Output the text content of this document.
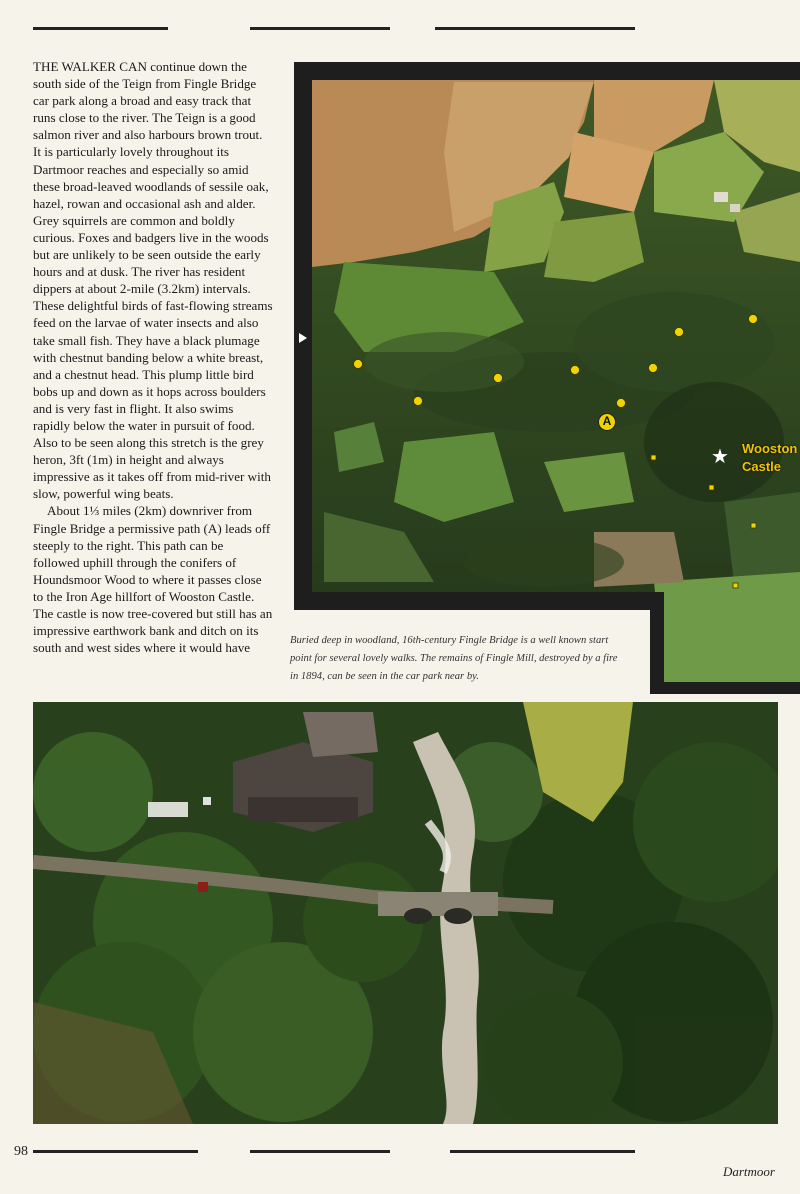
THE WALKER CAN continue down the south side of the Teign from Fingle Bridge car park along a broad and easy track that runs close to the river. The Teign is a good salmon river and also harbours brown trout. It is particularly lovely throughout its Dartmoor reaches and especially so amid these broad-leaved woodlands of sessile oak, hazel, rowan and occasional ash and alder. Grey squirrels are common and boldly curious. Foxes and badgers live in the woods but are unlikely to be seen outside the early hours and at dusk. The river has resident dippers at about 2-mile (3.2km) intervals. These delightful birds of fast-flowing streams feed on the larvae of water insects and also take small fish. They have a black plumage with chestnut banding below a white breast, and a chestnut head. This plump little bird bobs up and down as it hops across boulders and is very fast in flight. It also swims rapidly below the water in pursuit of food. Also to be seen along this stretch is the grey heron, 3ft (1m) in height and always impressive as it takes off from mid-river with slow, powerful wing beats.

About 1⅓ miles (2km) downriver from Fingle Bridge a permissive path (A) leads off steeply to the right. This path can be followed uphill through the conifers of Houndsmoor Wood to where it passes close to the Iron Age hillfort of Wooston Castle. The castle is now tree-covered but still has an impressive earthwork bank and ditch on its south and west sides where it would have

A
★ Wooston
Castle
Buried deep in woodland, 16th-century Fingle Bridge is a well known start point for several lovely walks. The remains of Fingle Mill, destroyed by a fire in 1894, can be seen in the car park near by.
98
Dartmoor
